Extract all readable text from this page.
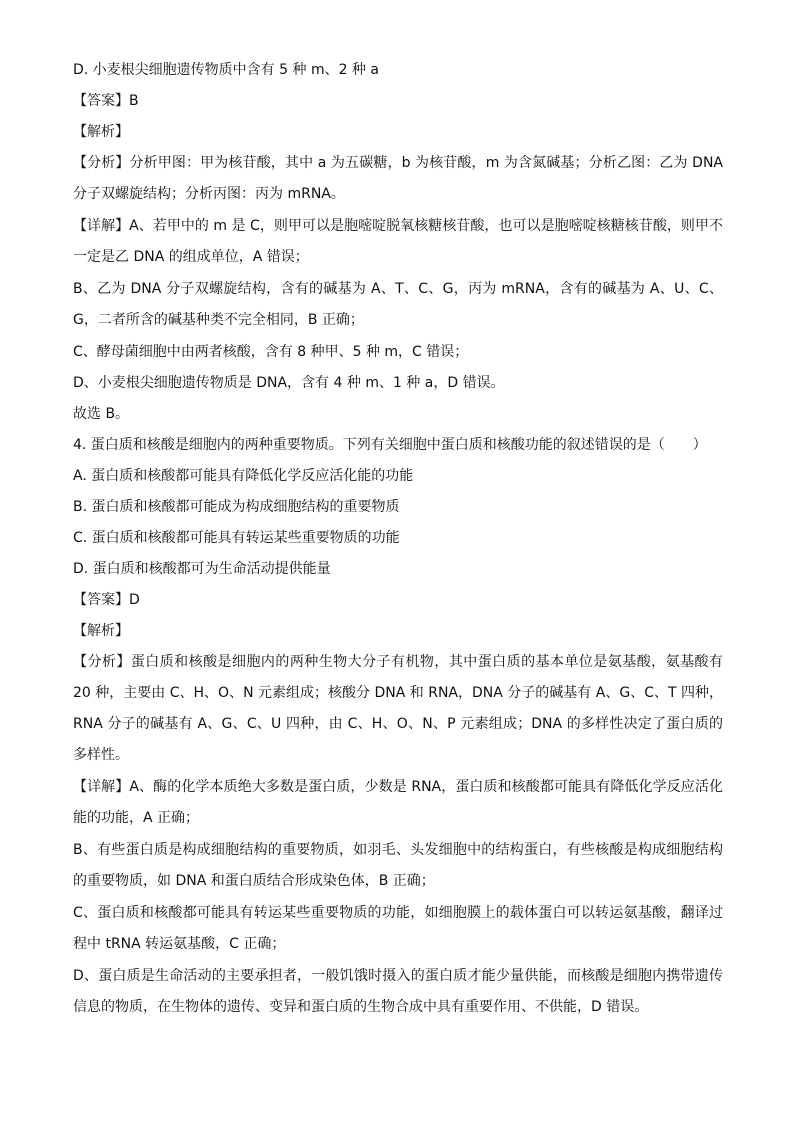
D. 小麦根尖细胞遗传物质中含有 5 种 m、2 种 a

【答案】B

【解析】

【分析】分析甲图：甲为核苷酸，其中 a 为五碳糖，b 为核苷酸，m 为含氮碱基；分析乙图：乙为 DNA 分子双螺旋结构；分析丙图：丙为 mRNA。

【详解】A、若甲中的 m 是 C，则甲可以是胞嘧啶脱氧核糖核苷酸，也可以是胞嘧啶核糖核苷酸，则甲不一定是乙 DNA 的组成单位，A 错误；

B、乙为 DNA 分子双螺旋结构，含有的碱基为 A、T、C、G，丙为 mRNA，含有的碱基为 A、U、C、G，二者所含的碱基种类不完全相同，B 正确；

C、酵母菌细胞中由两者核酸，含有 8 种甲、5 种 m，C 错误；

D、小麦根尖细胞遗传物质是 DNA，含有 4 种 m、1 种 a，D 错误。

故选 B。

4. 蛋白质和核酸是细胞内的两种重要物质。下列有关细胞中蛋白质和核酸功能的叙述错误的是（　　）

A. 蛋白质和核酸都可能具有降低化学反应活化能的功能

B. 蛋白质和核酸都可能成为构成细胞结构的重要物质

C. 蛋白质和核酸都可能具有转运某些重要物质的功能

D. 蛋白质和核酸都可为生命活动提供能量

【答案】D

【解析】

【分析】蛋白质和核酸是细胞内的两种生物大分子有机物，其中蛋白质的基本单位是氨基酸，氨基酸有 20 种，主要由 C、H、O、N 元素组成；核酸分 DNA 和 RNA，DNA 分子的碱基有 A、G、C、T 四种，RNA 分子的碱基有 A、G、C、U 四种，由 C、H、O、N、P 元素组成；DNA 的多样性决定了蛋白质的多样性。

【详解】A、酶的化学本质绝大多数是蛋白质，少数是 RNA，蛋白质和核酸都可能具有降低化学反应活化能的功能，A 正确；

B、有些蛋白质是构成细胞结构的重要物质，如羽毛、头发细胞中的结构蛋白，有些核酸是构成细胞结构的重要物质，如 DNA 和蛋白质结合形成染色体，B 正确；

C、蛋白质和核酸都可能具有转运某些重要物质的功能，如细胞膜上的载体蛋白可以转运氨基酸，翻译过程中 tRNA 转运氨基酸，C 正确；

D、蛋白质是生命活动的主要承担者，一般饥饿时摄入的蛋白质才能少量供能，而核酸是细胞内携带遗传信息的物质，在生物体的遗传、变异和蛋白质的生物合成中具有重要作用、不供能，D 错误。
